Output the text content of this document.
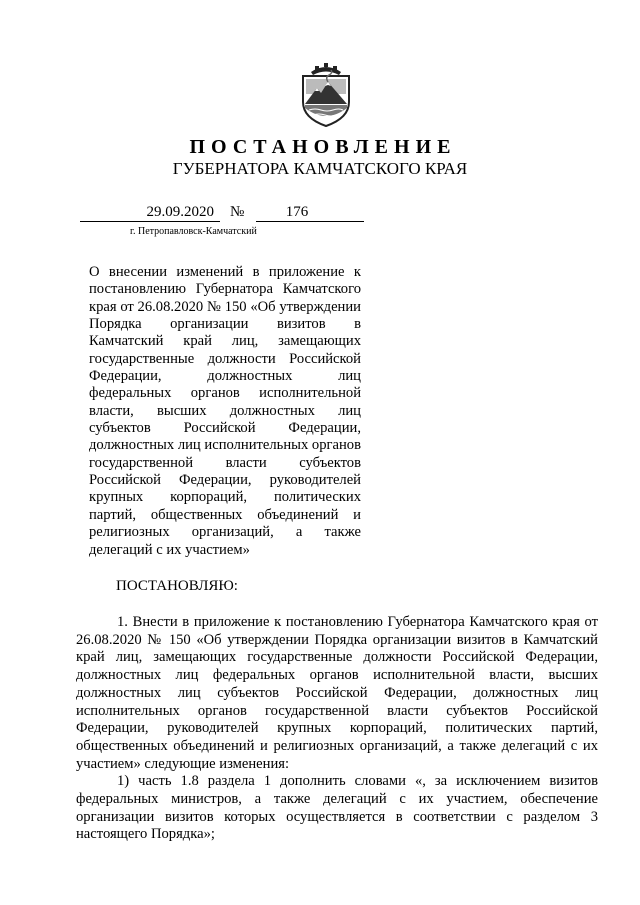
ПОСТАНОВЛЕНИЕ
ГУБЕРНАТОРА КАМЧАТСКОГО КРАЯ
29.09.2020	№	176
г. Петропавловск-Камчатский
О внесении изменений в приложение к постановлению Губернатора Камчатского края от 26.08.2020 № 150 «Об утверждении Порядка организации визитов в Камчатский край лиц, замещающих государственные должности Российской Федерации, должностных лиц федеральных органов исполнительной власти, высших должностных лиц субъектов Российской Федерации, должностных лиц исполнительных органов государственной власти субъектов Российской Федерации, руководителей крупных корпораций, политических партий, общественных объединений и религиозных организаций, а также делегаций с их участием»
ПОСТАНОВЛЯЮ:

1. Внести в приложение к постановлению Губернатора Камчатского края от 26.08.2020 № 150 «Об утверждении Порядка организации визитов в Камчатский край лиц, замещающих государственные должности Российской Федерации, должностных лиц федеральных органов исполнительной власти, высших должностных лиц субъектов Российской Федерации, должностных лиц исполнительных органов государственной власти субъектов Российской Федерации, руководителей крупных корпораций, политических партий, общественных объединений и религиозных организаций, а также делегаций с их участием» следующие изменения:

1) часть 1.8 раздела 1 дополнить словами «, за исключением визитов федеральных министров, а также делегаций с их участием, обеспечение организации визитов которых осуществляется в соответствии с разделом 3 настоящего Порядка»;
